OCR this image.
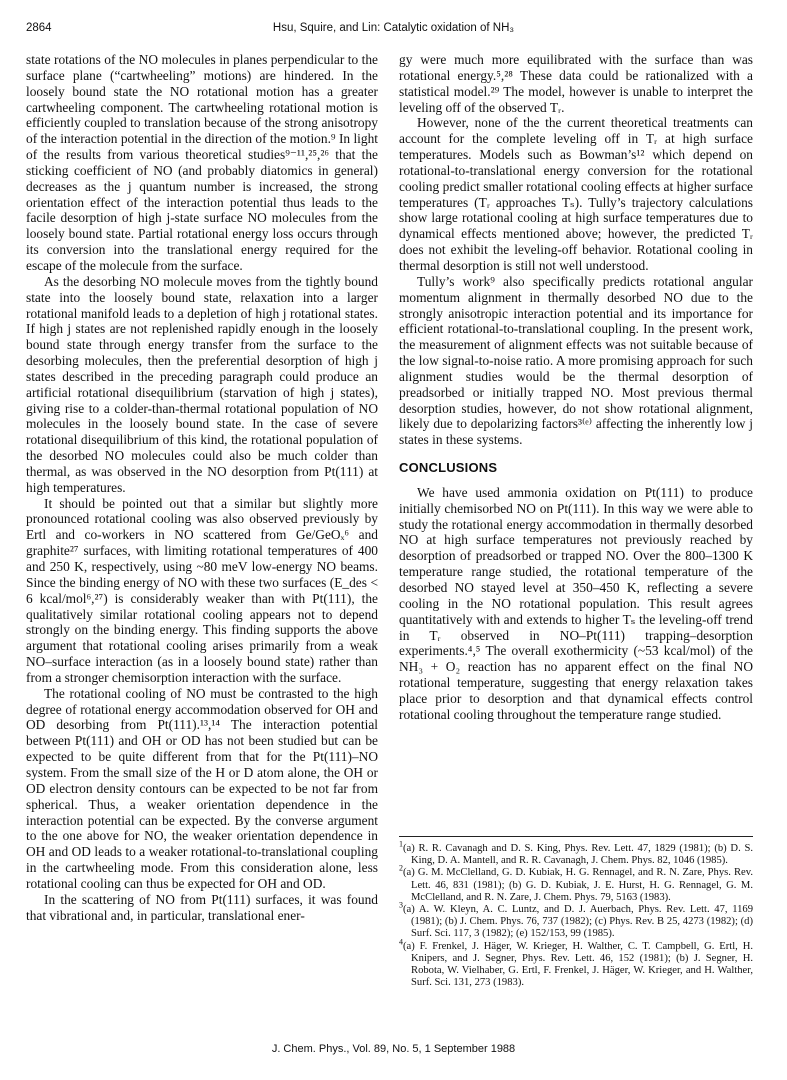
2864	Hsu, Squire, and Lin: Catalytic oxidation of NH₃

state rotations of the NO molecules in planes perpendicular to the surface plane (“cartwheeling” motions) are hindered. In the loosely bound state the NO rotational motion has a greater cartwheeling component. The cartwheeling rotational motion is efficiently coupled to translation because of the strong anisotropy of the interaction potential in the direction of the motion.⁹ In light of the results from various theoretical studies⁹⁻¹¹,²⁵,²⁶ that the sticking coefficient of NO (and probably diatomics in general) decreases as the j quantum number is increased, the strong orientation effect of the interaction potential thus leads to the facile desorption of high j-state surface NO molecules from the loosely bound state. Partial rotational energy loss occurs through its conversion into the translational energy required for the escape of the molecule from the surface.

As the desorbing NO molecule moves from the tightly bound state into the loosely bound state, relaxation into a larger rotational manifold leads to a depletion of high j rotational states. If high j states are not replenished rapidly enough in the loosely bound state through energy transfer from the surface to the desorbing molecules, then the preferential desorption of high j states described in the preceding paragraph could produce an artificial rotational disequilibrium (starvation of high j states), giving rise to a colder-than-thermal rotational population of NO molecules in the loosely bound state. In the case of severe rotational disequilibrium of this kind, the rotational population of the desorbed NO molecules could also be much colder than thermal, as was observed in the NO desorption from Pt(111) at high temperatures.

It should be pointed out that a similar but slightly more pronounced rotational cooling was also observed previously by Ertl and co-workers in NO scattered from Ge/GeOₓ⁶ and graphite²⁷ surfaces, with limiting rotational temperatures of 400 and 250 K, respectively, using ~80 meV low-energy NO beams. Since the binding energy of NO with these two surfaces (E_des < 6 kcal/mol⁶,²⁷) is considerably weaker than with Pt(111), the qualitatively similar rotational cooling appears not to depend strongly on the binding energy. This finding supports the above argument that rotational cooling arises primarily from a weak NO–surface interaction (as in a loosely bound state) rather than from a stronger chemisorption interaction with the surface.

The rotational cooling of NO must be contrasted to the high degree of rotational energy accommodation observed for OH and OD desorbing from Pt(111).¹³,¹⁴ The interaction potential between Pt(111) and OH or OD has not been studied but can be expected to be quite different from that for the Pt(111)–NO system. From the small size of the H or D atom alone, the OH or OD electron density contours can be expected to be not far from spherical. Thus, a weaker orientation dependence in the interaction potential can be expected. By the converse argument to the one above for NO, the weaker orientation dependence in OH and OD leads to a weaker rotational-to-translational coupling in the cartwheeling mode. From this consideration alone, less rotational cooling can thus be expected for OH and OD.

In the scattering of NO from Pt(111) surfaces, it was found that vibrational and, in particular, translational ener-

gy were much more equilibrated with the surface than was rotational energy.⁵,²⁸ These data could be rationalized with a statistical model.²⁹ The model, however is unable to interpret the leveling off of the observed Tᵣ.

However, none of the the current theoretical treatments can account for the complete leveling off in Tᵣ at high surface temperatures. Models such as Bowman’s¹² which depend on rotational-to-translational energy conversion for the rotational cooling predict smaller rotational cooling effects at higher surface temperatures (Tᵣ approaches Tₛ). Tully’s trajectory calculations show large rotational cooling at high surface temperatures due to dynamical effects mentioned above; however, the predicted Tᵣ does not exhibit the leveling-off behavior. Rotational cooling in thermal desorption is still not well understood.

Tully’s work⁹ also specifically predicts rotational angular momentum alignment in thermally desorbed NO due to the strongly anisotropic interaction potential and its importance for efficient rotational-to-translational coupling. In the present work, the measurement of alignment effects was not suitable because of the low signal-to-noise ratio. A more promising approach for such alignment studies would be the thermal desorption of preadsorbed or initially trapped NO. Most previous thermal desorption studies, however, do not show rotational alignment, likely due to depolarizing factors³⁽ᵉ⁾ affecting the inherently low j states in these systems.

CONCLUSIONS

We have used ammonia oxidation on Pt(111) to produce initially chemisorbed NO on Pt(111). In this way we were able to study the rotational energy accommodation in thermally desorbed NO at high surface temperatures not previously reached by desorption of preadsorbed or trapped NO. Over the 800–1300 K temperature range studied, the rotational temperature of the desorbed NO stayed level at 350–450 K, reflecting a severe cooling in the NO rotational population. This result agrees quantitatively with and extends to higher Tₛ the leveling-off trend in Tᵣ observed in NO–Pt(111) trapping–desorption experiments.⁴,⁵ The overall exothermicity (~53 kcal/mol) of the NH₃ + O₂ reaction has no apparent effect on the final NO rotational temperature, suggesting that energy relaxation takes place prior to desorption and that dynamical effects control rotational cooling throughout the temperature range studied.

$^1$(a) R. R. Cavanagh and D. S. King, Phys. Rev. Lett. 47, 1829 (1981); (b) D. S. King, D. A. Mantell, and R. R. Cavanagh, J. Chem. Phys. 82, 1046 (1985).
$^2$(a) G. M. McClelland, G. D. Kubiak, H. G. Rennagel, and R. N. Zare, Phys. Rev. Lett. 46, 831 (1981); (b) G. D. Kubiak, J. E. Hurst, H. G. Rennagel, G. M. McClelland, and R. N. Zare, J. Chem. Phys. 79, 5163 (1983).
$^3$(a) A. W. Kleyn, A. C. Luntz, and D. J. Auerbach, Phys. Rev. Lett. 47, 1169 (1981); (b) J. Chem. Phys. 76, 737 (1982); (c) Phys. Rev. B 25, 4273 (1982); (d) Surf. Sci. 117, 3 (1982); (e) 152/153, 99 (1985).
$^4$(a) F. Frenkel, J. Häger, W. Krieger, H. Walther, C. T. Campbell, G. Ertl, H. Knipers, and J. Segner, Phys. Rev. Lett. 46, 152 (1981); (b) J. Segner, H. Robota, W. Vielhaber, G. Ertl, F. Frenkel, J. Häger, W. Krieger, and H. Walther, Surf. Sci. 131, 273 (1983).
J. Chem. Phys., Vol. 89, No. 5, 1 September 1988
